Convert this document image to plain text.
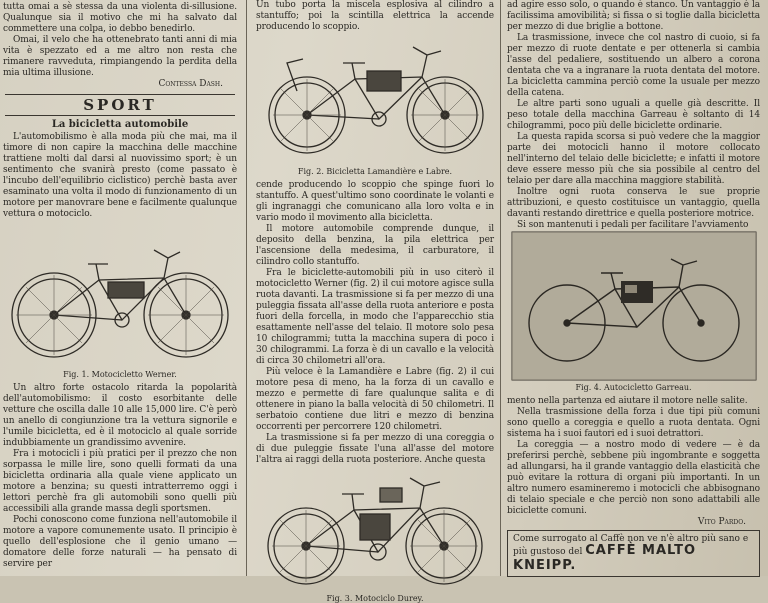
tutta omai a sè stessa da una violenta di-sillusione. Qualunque sia il motivo che mi ha salvato dal commettere una colpa, io debbo benedirlo.

Omai, il velo che ha ottenebrato tanti anni di mia vita è spezzato ed a me altro non resta che rimanere ravveduta, rimpiangendo la perdita della mia ultima illusione.

Contessa Dash.
SPORT
La bicicletta automobile

L'automobilismo è alla moda più che mai, ma il timore di non capire la macchina delle macchine trattiene molti dal darsi al nuovissimo sport; è un sentimento che svanirà presto (come passato è l'incubo dell'equilibrio ciclistico) perchè basta aver esaminato una volta il modo di funzionamento di un motore per manovrare bene e facilmente qualunque vettura o motociclo.

Fig. 1. Motocicletto Werner.

Un altro forte ostacolo ritarda la popolarità dell'automobilismo: il costo esorbitante delle vetture che oscilla dalle 10 alle 15,000 lire. C'è però un anello di congiunzione tra la vettura signorile e l'umile bicicletta, ed è il motociclo al quale sorride indubbiamente un grandissimo avvenire.

Fra i motocicli i più pratici per il prezzo che non sorpassa le mille lire, sono quelli formati da una bicicletta ordinaria alla quale viene applicato un motore a benzina; su questi intratterremo oggi i lettori perchè fra gli automobili sono quelli più accessibili alla grande massa degli sportsmen.

Pochi conoscono come funziona nell'automobile il motore a vapore comunemente usato. Il principio è quello dell'esplosione che il genio umano — domatore delle forze naturali — ha pensato di servire per

Un tubo porta la miscela esplosiva al cilindro a stantuffo; poi la scintilla elettrica la accende producendo lo scoppio.

Fig. 2. Bicicletta Lamandière e Labre.

cende producendo lo scoppio che spinge fuori lo stantuffo. A quest'ultimo sono coordinate le volanti e gli ingranaggi che comunicano alla loro volta e in vario modo il movimento alla bicicletta.

Il motore automobile comprende dunque, il deposito della benzina, la pila elettrica per l'ascensione della medesima, il carburatore, il cilindro collo stantuffo.

Fra le biciclette-automobili più in uso citerò il motocicletto Werner (fig. 2) il cui motore agisce sulla ruota davanti. La trasmissione si fa per mezzo di una puleggia fissata all'asse della ruota anteriore e posta fuori della forcella, in modo che l'apparecchio stia esattamente nell'asse del telaio. Il motore solo pesa 10 chilogrammi; tutta la macchina supera di poco i 30 chilogrammi. La forza è di un cavallo e la velocità di circa 30 chilometri all'ora.

Più veloce è la Lamandière e Labre (fig. 2) il cui motore pesa di meno, ha la forza di un cavallo e mezzo e permette di fare qualunque salita e di ottenere in piano la balla velocità di 50 chilometri. Il serbatoio contiene due litri e mezzo di benzina occorrenti per percorrere 120 chilometri.

La trasmissione si fa per mezzo di una coreggia o di due puleggie fissate l'una all'asse del motore l'altra ai raggi della ruota posteriore. Anche questa

Fig. 3. Motociclo Durey.

ad agire esso solo, o quando è stanco. Un vantaggio è la facilissima amovibilità; si fissa o si toglie dalla bicicletta per mezzo di due briglie a bottone.

La trasmissione, invece che col nastro di cuoio, si fa per mezzo di ruote dentate e per ottenerla si cambia l'asse del pedaliere, sostituendo un albero a corona dentata che va a ingranare la ruota dentata del motore. La bicicletta cammina perciò come la usuale per mezzo della catena.

Le altre parti sono uguali a quelle già descritte. Il peso totale della macchina Garreau è soltanto di 14 chilogrammi, poco più delle biciclette ordinarie.

La questa rapida scorsa si può vedere che la maggior parte dei motocicli hanno il motore collocato nell'interno del telaio delle biciclette; e infatti il motore deve essere messo più che sia possibile al centro del telaio per dare alla macchina maggiore stabilità.

Inoltre ogni ruota conserva le sue proprie attribuzioni, e questo costituisce un vantaggio, quella davanti restando direttrice e quella posteriore motrice.

Si son mantenuti i pedali per facilitare l'avviamento

Fig. 4. Autocicletto Garreau.

mento nella partenza ed aiutare il motore nelle salite.

Nella trasmissione della forza i due tipi più comuni sono quello a coreggia e quello a ruota dentata. Ogni sistema ha i suoi fautori ed i suoi detrattori.

La coreggia — a nostro modo di vedere — è da preferirsi perchè, sebbene più ingombrante e soggetta ad allungarsi, ha il grande vantaggio della elasticità che può evitare la rottura di organi più importanti. In un altro numero esamineremo i motocicli che abbisognano di telaio speciale e che perciò non sono adattabili alle biciclette comuni.

Vito Pardo.
Come surrogato al Caffè non ve n'è altro più sano e più gustoso del CAFFÈ MALTO
KNEIPP.
